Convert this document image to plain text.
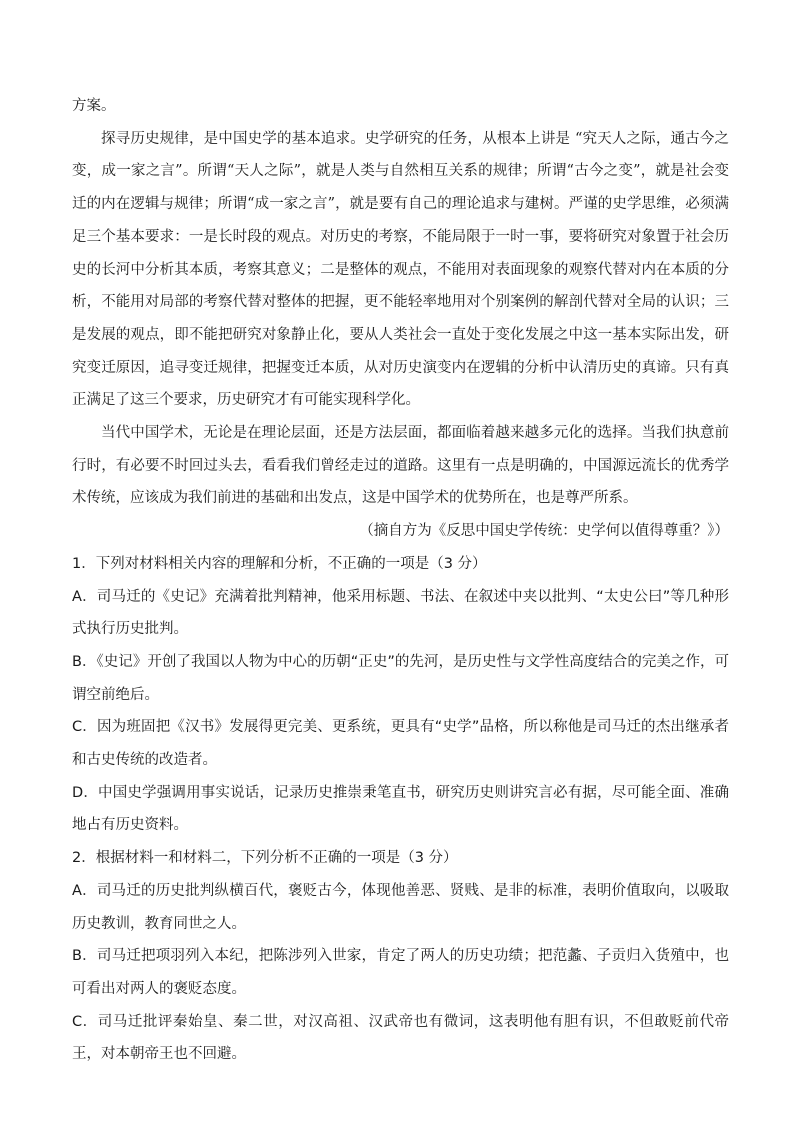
方案。

探寻历史规律，是中国史学的基本追求。史学研究的任务，从根本上讲是 “究天人之际，通古今之变，成一家之言”。所谓“天人之际”，就是人类与自然相互关系的规律；所谓“古今之变”，就是社会变迁的内在逻辑与规律；所谓“成一家之言”，就是要有自己的理论追求与建树。严谨的史学思维，必须满足三个基本要求：一是长时段的观点。对历史的考察，不能局限于一时一事，要将研究对象置于社会历史的长河中分析其本质，考察其意义；二是整体的观点，不能用对表面现象的观察代替对内在本质的分析，不能用对局部的考察代替对整体的把握，更不能轻率地用对个别案例的解剖代替对全局的认识；三是发展的观点，即不能把研究对象静止化，要从人类社会一直处于变化发展之中这一基本实际出发，研究变迁原因，追寻变迁规律，把握变迁本质，从对历史演变内在逻辑的分析中认清历史的真谛。只有真正满足了这三个要求，历史研究才有可能实现科学化。

当代中国学术，无论是在理论层面，还是方法层面，都面临着越来越多元化的选择。当我们执意前行时，有必要不时回过头去，看看我们曾经走过的道路。这里有一点是明确的，中国源远流长的优秀学术传统，应该成为我们前进的基础和出发点，这是中国学术的优势所在，也是尊严所系。

（摘自方为《反思中国史学传统：史学何以值得尊重？》）

1．下列对材料相关内容的理解和分析，不正确的一项是（3 分）

A．司马迁的《史记》充满着批判精神，他采用标题、书法、在叙述中夹以批判、“太史公曰”等几种形式执行历史批判。

B．《史记》开创了我国以人物为中心的历朝“正史”的先河，是历史性与文学性高度结合的完美之作，可谓空前绝后。

C．因为班固把《汉书》发展得更完美、更系统，更具有“史学”品格，所以称他是司马迁的杰出继承者和古史传统的改造者。

D．中国史学强调用事实说话，记录历史推崇秉笔直书，研究历史则讲究言必有据，尽可能全面、准确地占有历史资料。

2．根据材料一和材料二，下列分析不正确的一项是（3 分）

A．司马迁的历史批判纵横百代，褒贬古今，体现他善恶、贤贱、是非的标准，表明价值取向，以吸取历史教训，教育同世之人。

B．司马迁把项羽列入本纪，把陈涉列入世家，肯定了两人的历史功绩；把范蠡、子贡归入货殖中，也可看出对两人的褒贬态度。

C．司马迁批评秦始皇、秦二世，对汉高祖、汉武帝也有微词，这表明他有胆有识，不但敢贬前代帝王，对本朝帝王也不回避。
